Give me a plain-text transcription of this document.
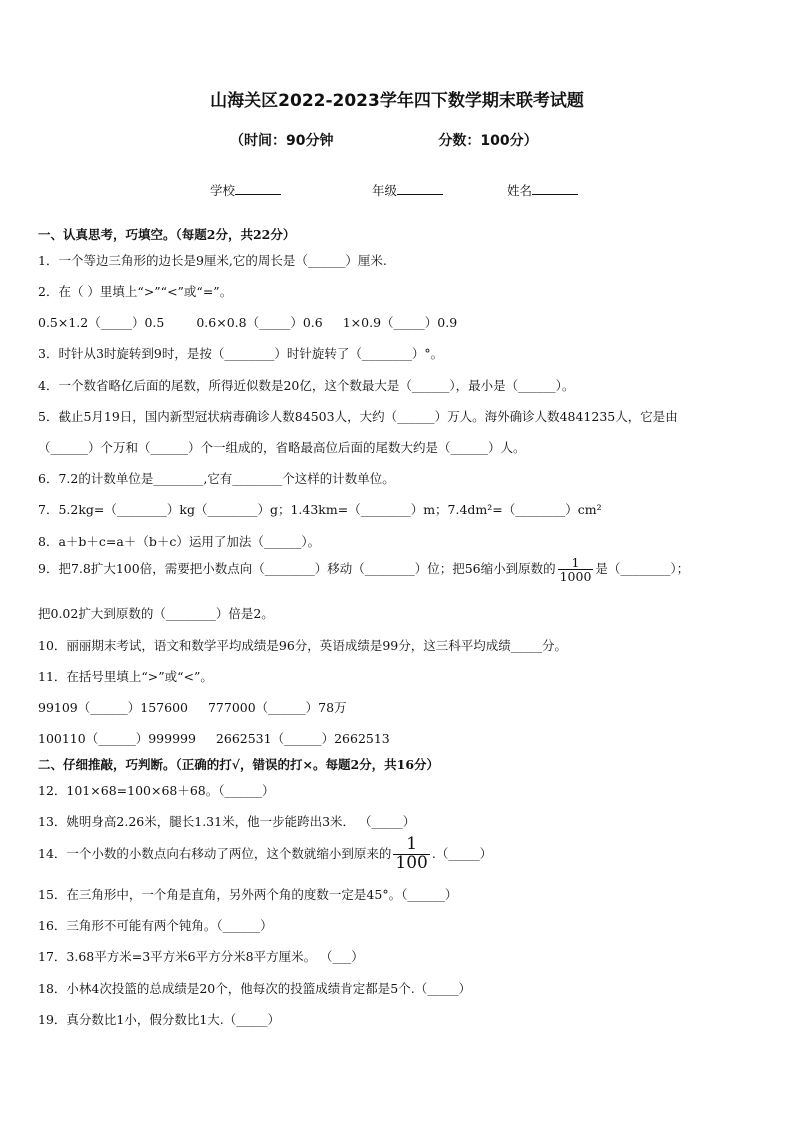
山海关区2022-2023学年四下数学期末联考试题
（时间：90分钟	分数：100分）
学校	年级	姓名
一、认真思考，巧填空。（每题2分，共22分）
1．一个等边三角形的边长是9厘米,它的周长是（______）厘米.
2．在（ ）里填上“>”“<”或“=”。
0.5×1.2（_____）0.5	0.6×0.8（_____）0.6 1×0.9（_____）0.9
3．时针从3时旋转到9时，是按（________）时针旋转了（________）°。
4．一个数省略亿后面的尾数，所得近似数是20亿，这个数最大是（______），最小是（______）。
5．截止5月19日，国内新型冠状病毒确诊人数84503人，大约（______）万人。海外确诊人数4841235人，它是由
（______）个万和（______）个一组成的，省略最高位后面的尾数大约是（______）人。
6．7.2的计数单位是________,它有________个这样的计数单位。
7．5.2kg=（________）kg（________）g；1.43km=（________）m；7.4dm²=（________）cm²
8．a＋b＋c=a＋（b＋c）运用了加法（______）。
9．把7.8扩大100倍，需要把小数点向（________）移动（________）位；把56缩小到原数的 $\frac{1}{1000}$ 是（________）；
把0.02扩大到原数的（________）倍是2。
10．丽丽期末考试，语文和数学平均成绩是96分，英语成绩是99分，这三科平均成绩_____分。
11．在括号里填上“>”或“<”。
99109（______）157600 777000（______）78万
100110（______）999999 2662531（______）2662513
二、仔细推敲，巧判断。（正确的打√，错误的打×。每题2分，共16分）
12．101×68=100×68＋68。（______）
13．姚明身高2.26米，腿长1.31米，他一步能跨出3米． （_____）
14．一个小数的小数点向右移动了两位，这个数就缩小到原来的 $\frac{1}{100}$ .（_____）
15．在三角形中，一个角是直角，另外两个角的度数一定是45°。（______）
16．三角形不可能有两个钝角。（______）
17．3.68平方米=3平方米6平方分米8平方厘米。 （___）
18．小林4次投篮的总成绩是20个，他每次的投篮成绩肯定都是5个.（_____）
19．真分数比1小，假分数比1大.（_____）
